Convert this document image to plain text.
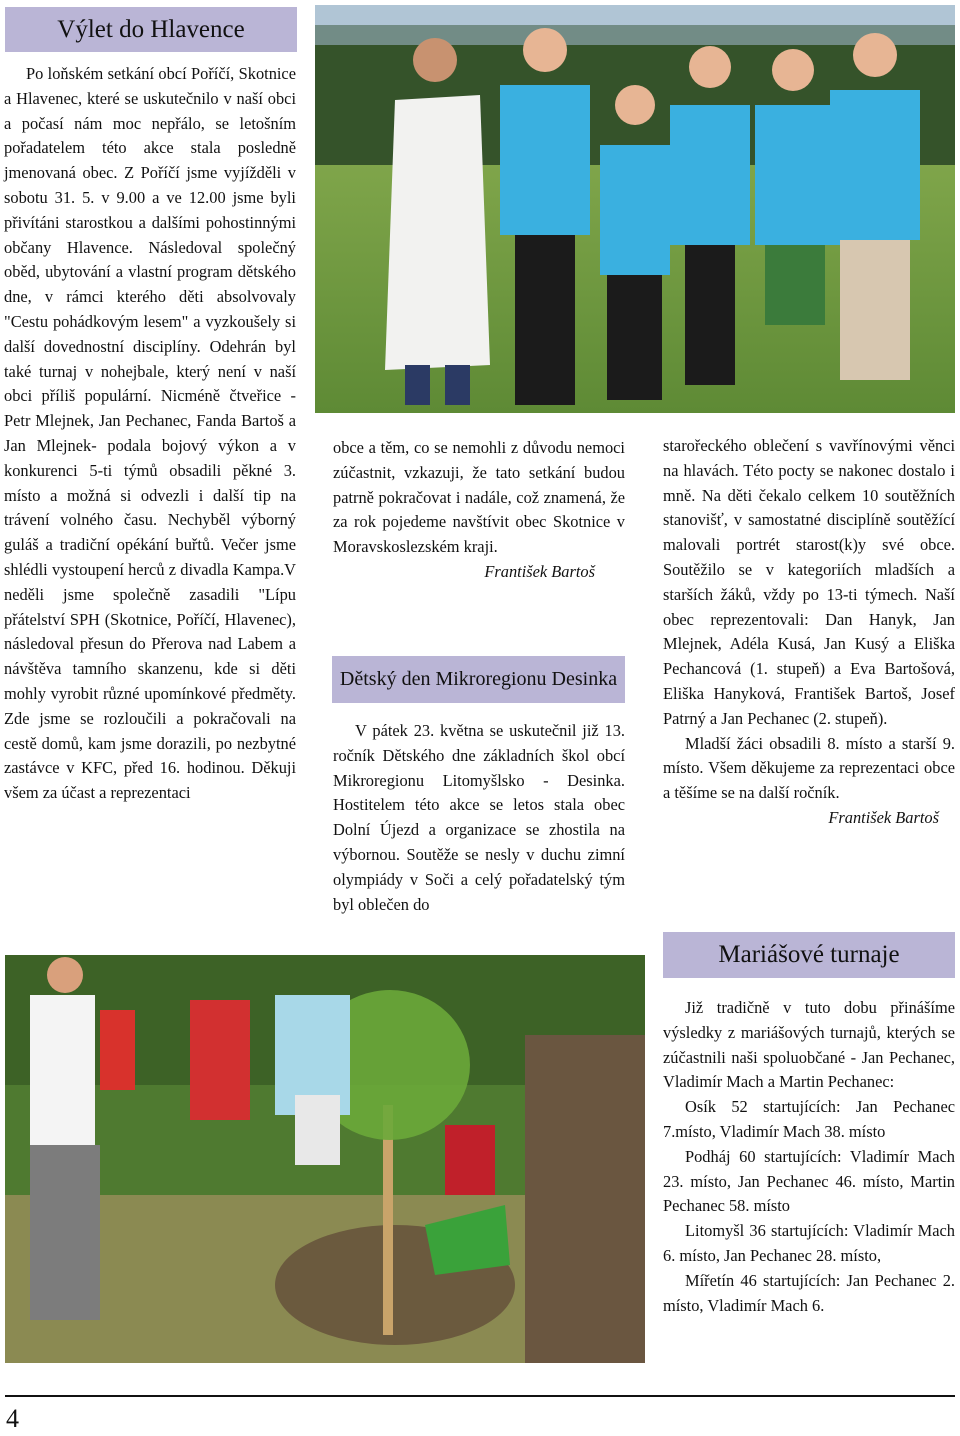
Výlet do Hlavence

Po loňském setkání obcí Poříčí, Skotnice a Hlavenec, které se uskutečnilo v naší obci a počasí nám moc nepřálo, se letošním pořadatelem této akce stala posledně jmenovaná obec. Z Poříčí jsme vyjížděli v sobotu 31. 5. v 9.00 a ve 12.00 jsme byli přivítáni starostkou a dalšími pohostinnými občany Hlavence. Následoval společný oběd, ubytování a vlastní program dětského dne, v rámci kterého děti absolvovaly "Cestu pohádkovým lesem" a vyzkoušely si další dovednostní disciplíny. Odehrán byl také turnaj v nohejbale, který není v naší obci příliš populární. Nicméně čtveřice - Petr Mlejnek, Jan Pechanec, Fanda Bartoš a Jan Mlejnek- podala bojový výkon a v konkurenci 5-ti týmů obsadili pěkné 3. místo a možná si odvezli i další tip na trávení volného času. Nechyběl výborný guláš a tradiční opékání buřtů. Večer jsme shlédli vystoupení herců z divadla Kampa.V neděli jsme společně zasadili "Lípu přátelství SPH (Skotnice, Poříčí, Hlavenec), následoval přesun do Přerova nad Labem a návštěva tamního skanzenu, kde si děti mohly vyrobit různé upomínkové předměty. Zde jsme se rozloučili a pokračovali na cestě domů, kam jsme dorazili, po nezbytné zastávce v KFC, před 16. hodinou. Děkuji všem za účast a reprezentaci

obce a těm, co se nemohli z důvodu nemoci zúčastnit, vzkazuji, že tato setkání budou patrně pokračovat i nadále, což znamená, že za rok pojedeme navštívit obec Skotnice v Moravskoslezském kraji.

František Bartoš

Dětský den Mikroregionu Desinka

V pátek 23. května se uskutečnil již 13. ročník Dětského dne základních škol obcí Mikroregionu Litomyšlsko - Desinka. Hostitelem této akce se letos stala obec Dolní Újezd a organizace se zhostila na výbornou. Soutěže se nesly v duchu zimní olympiády v Soči a celý pořadatelský tým byl oblečen do

starořeckého oblečení s vavřínovými věnci na hlavách. Této pocty se nakonec dostalo i mně. Na děti čekalo celkem 10 soutěžních stanovišť, v samostatné disciplíně soutěžící malovali portrét starost(k)y své obce. Soutěžilo se v kategoriích mladších a starších žáků, vždy po 13-ti týmech. Naší obec reprezentovali: Dan Hanyk, Jan Mlejnek, Adéla Kusá, Jan Kusý a Eliška Pechancová (1. stupeň) a Eva Bartošová, Eliška Hanyková, František Bartoš, Josef Patrný a Jan Pechanec (2. stupeň).

Mladší žáci obsadili 8. místo a starší 9. místo. Všem děkujeme za reprezentaci obce a těšíme se na další ročník.

František Bartoš

Mariášové turnaje

Již tradičně v tuto dobu přinášíme výsledky z mariášových turnajů, kterých se zúčastnili naši spoluobčané - Jan Pechanec, Vladimír Mach a Martin Pechanec:

Osík 52 startujících: Jan Pechanec 7.místo, Vladimír Mach 38. místo

Podháj 60 startujících: Vladimír Mach 23. místo, Jan Pechanec 46. místo, Martin Pechanec 58. místo

Litomyšl 36 startujících: Vladimír Mach 6. místo, Jan Pechanec 28. místo,

Mířetín 46 startujících: Jan Pechanec 2. místo, Vladimír Mach 6.

4
